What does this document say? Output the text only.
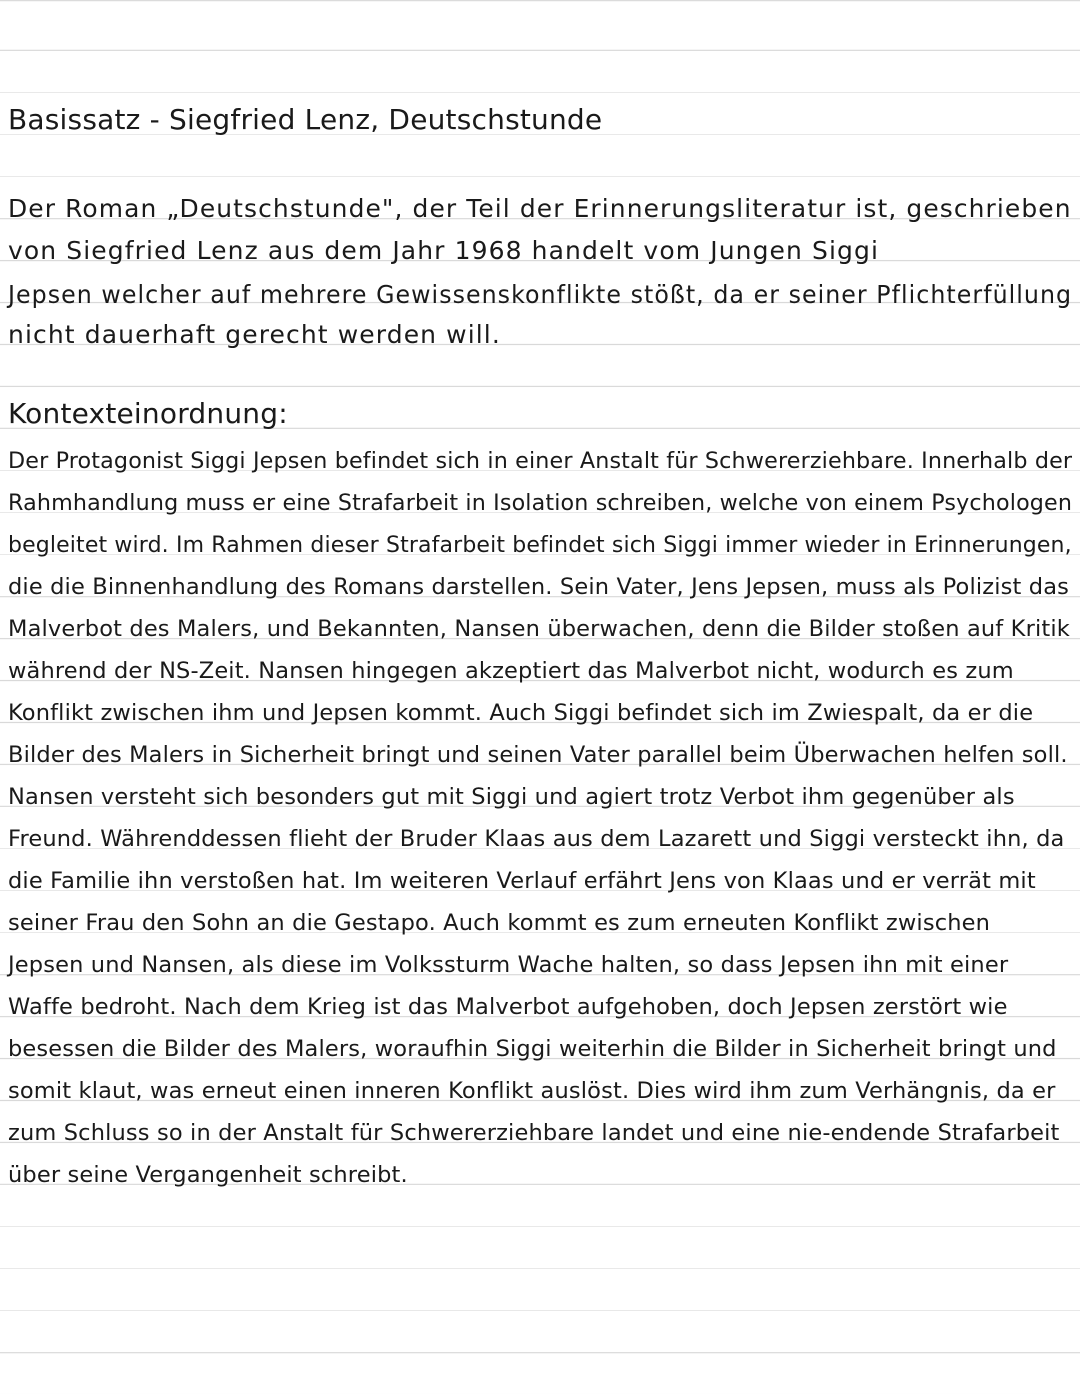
Basissatz - Siegfried Lenz, Deutschstunde
Der Roman „Deutschstunde", der Teil der Erinnerungsliteratur ist, geschrieben
von Siegfried Lenz aus dem Jahr 1968 handelt vom Jungen Siggi
Jepsen welcher auf mehrere Gewissenskonflikte stößt, da er seiner Pflichterfüllung
nicht dauerhaft gerecht werden will.
Kontexteinordnung:
Der Protagonist Siggi Jepsen befindet sich in einer Anstalt für Schwererziehbare. Innerhalb der
Rahmhandlung muss er eine Strafarbeit in Isolation schreiben, welche von einem Psychologen
begleitet wird. Im Rahmen dieser Strafarbeit befindet sich Siggi immer wieder in Erinnerungen,
die die Binnenhandlung des Romans darstellen. Sein Vater, Jens Jepsen, muss als Polizist das
Malverbot des Malers, und Bekannten, Nansen überwachen, denn die Bilder stoßen auf Kritik
während der NS-Zeit. Nansen hingegen akzeptiert das Malverbot nicht, wodurch es zum
Konflikt zwischen ihm und Jepsen kommt. Auch Siggi befindet sich im Zwiespalt, da er die
Bilder des Malers in Sicherheit bringt und seinen Vater parallel beim Überwachen helfen soll.
Nansen versteht sich besonders gut mit Siggi und agiert trotz Verbot ihm gegenüber als
Freund. Währenddessen flieht der Bruder Klaas aus dem Lazarett und Siggi versteckt ihn, da
die Familie ihn verstoßen hat. Im weiteren Verlauf erfährt Jens von Klaas und er verrät mit
seiner Frau den Sohn an die Gestapo. Auch kommt es zum erneuten Konflikt zwischen
Jepsen und Nansen, als diese im Volkssturm Wache halten, so dass Jepsen ihn mit einer
Waffe bedroht. Nach dem Krieg ist das Malverbot aufgehoben, doch Jepsen zerstört wie
besessen die Bilder des Malers, woraufhin Siggi weiterhin die Bilder in Sicherheit bringt und
somit klaut, was erneut einen inneren Konflikt auslöst. Dies wird ihm zum Verhängnis, da er
zum Schluss so in der Anstalt für Schwererziehbare landet und eine nie-endende Strafarbeit
über seine Vergangenheit schreibt.
